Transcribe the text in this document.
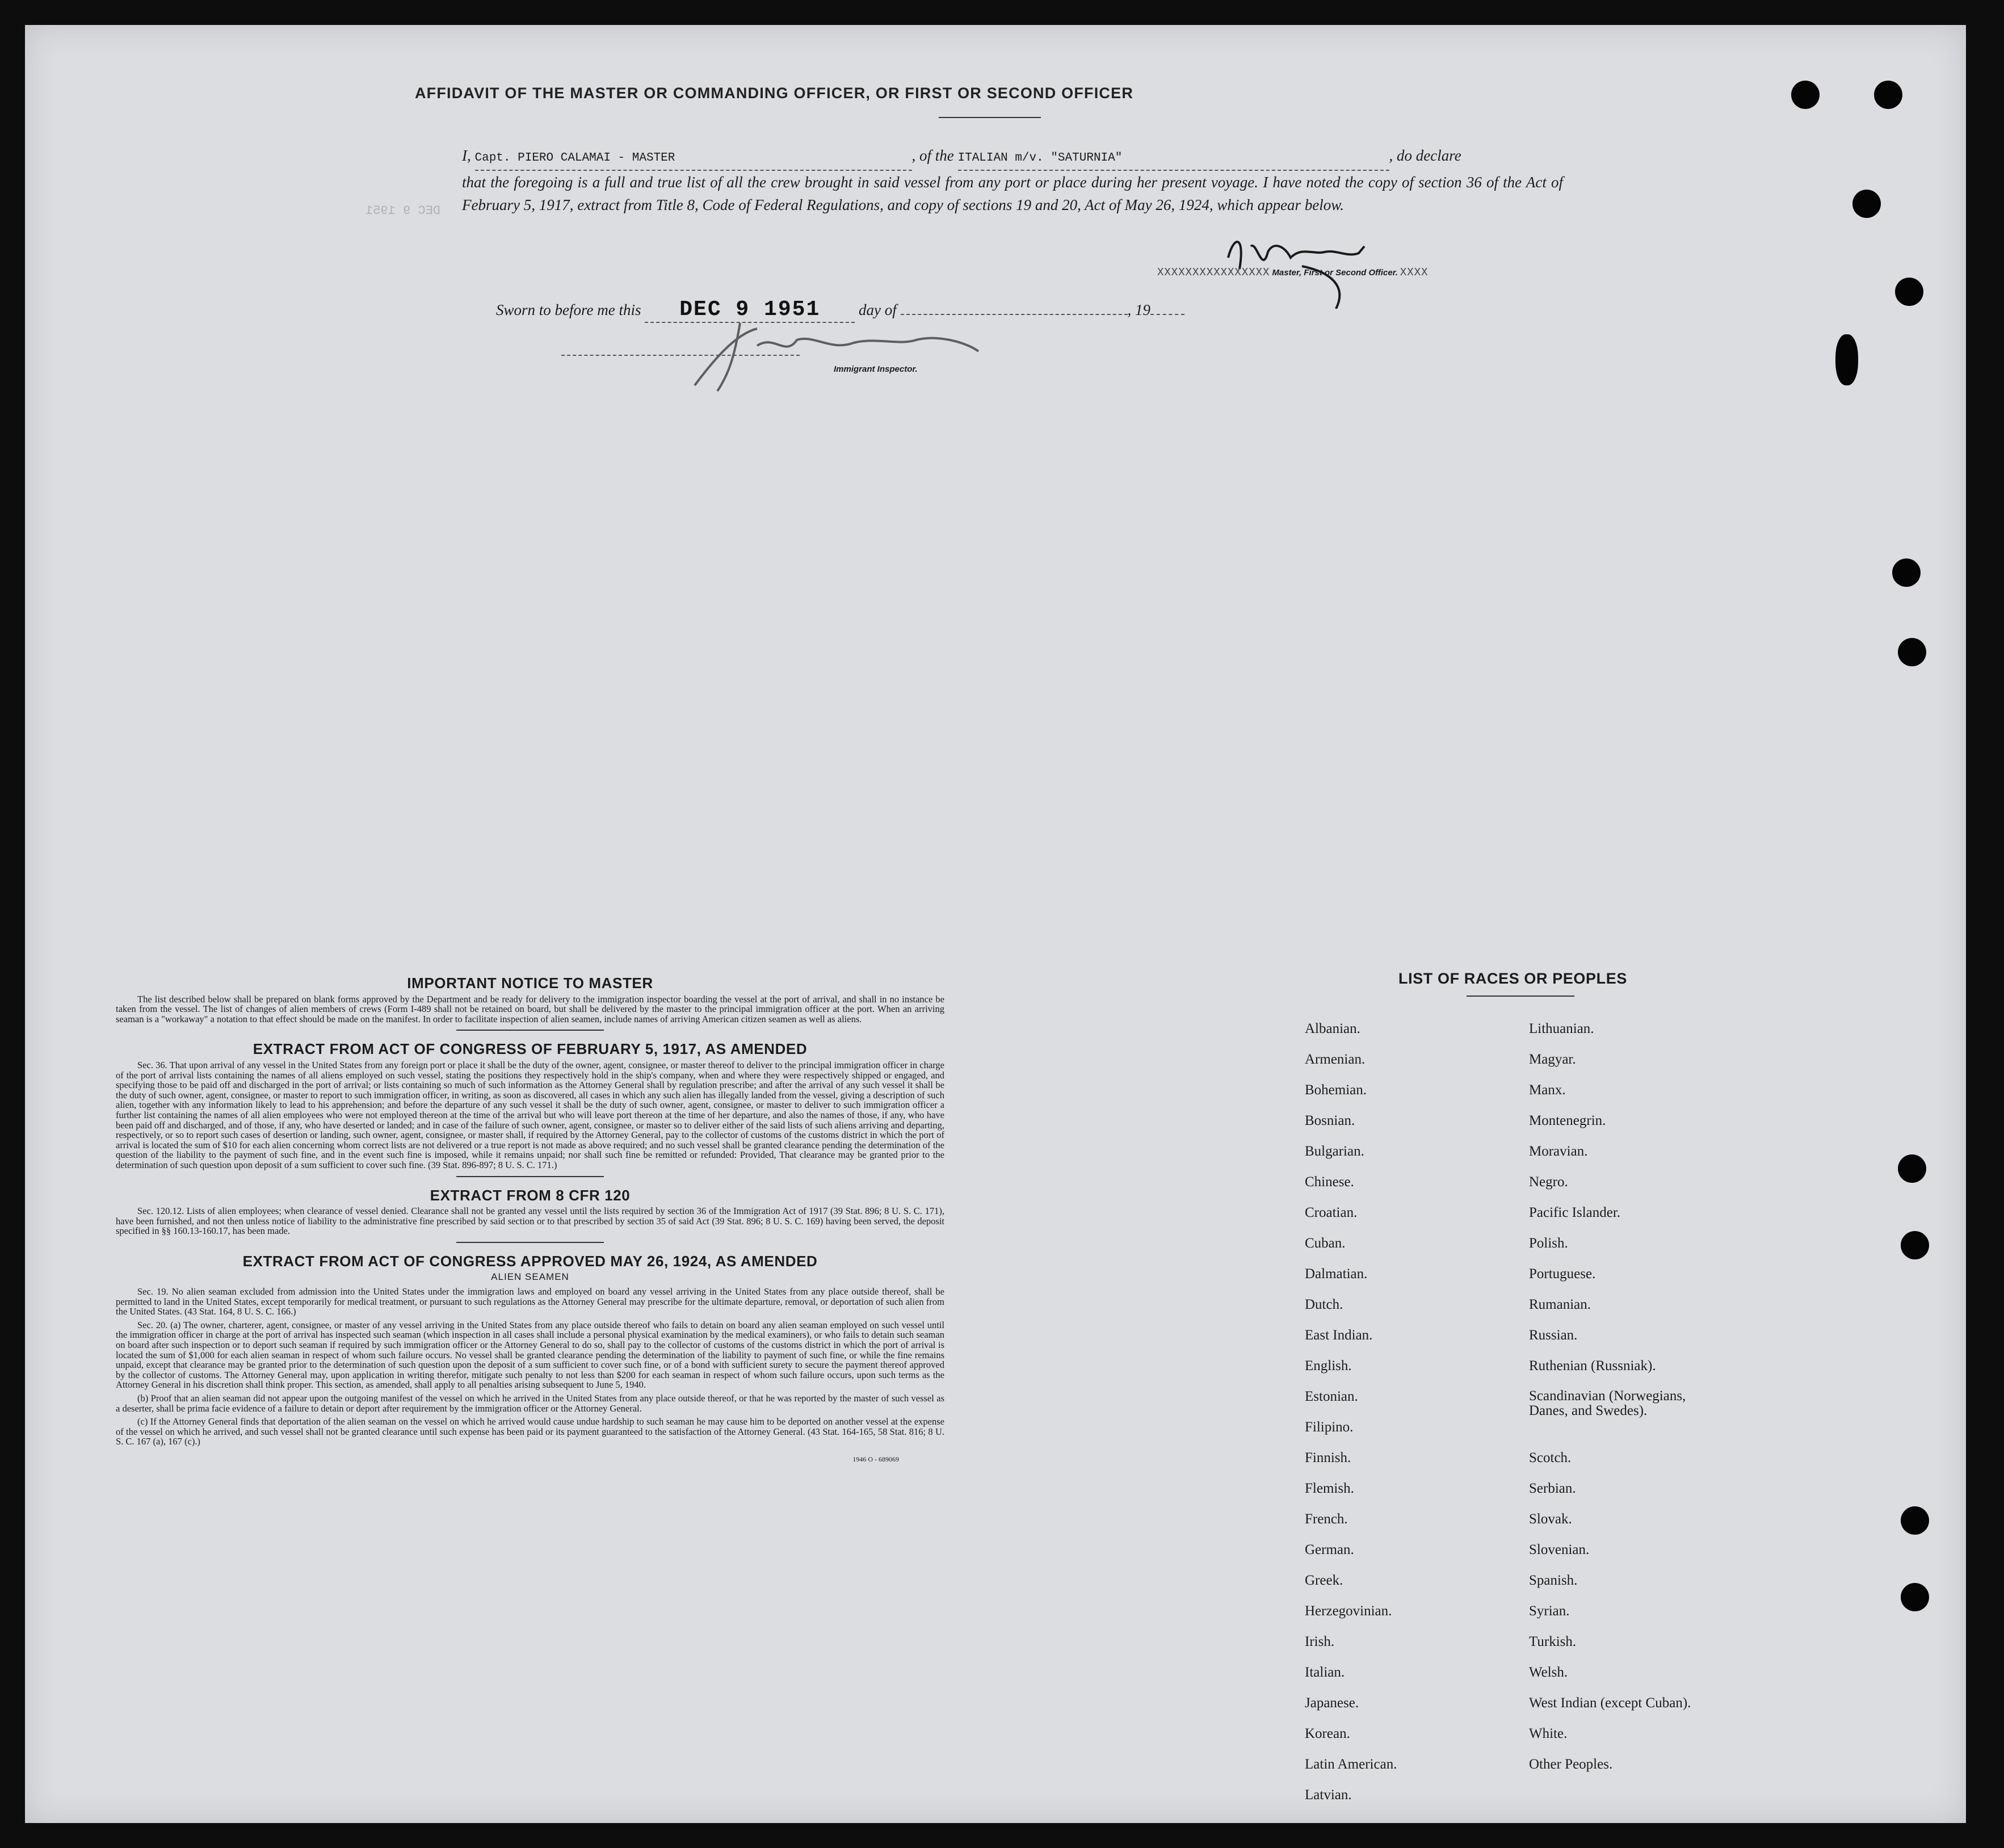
AFFIDAVIT OF THE MASTER OR COMMANDING OFFICER, OR FIRST OR SECOND OFFICER
DEC 9 1951

I, Capt. PIERO CALAMAI - MASTER	, of the ITALIAN m/v. "SATURNIA"	, do declare

that the foregoing is a full and true list of all the crew brought in said vessel from any port or place during her present voyage. I have noted the copy of section 36 of the Act of February 5, 1917, extract from Title 8, Code of Federal Regulations, and copy of sections 19 and 20, Act of May 26, 1924, which appear below.

XXXXXXXXXXXXXXXX Master, First or Second Officer. XXXX
Sworn to before me this DEC 9 1951	day of	, 19
Immigrant Inspector.
IMPORTANT NOTICE TO MASTER

The list described below shall be prepared on blank forms approved by the Department and be ready for delivery to the immigration inspector boarding the vessel at the port of arrival, and shall in no instance be taken from the vessel. The list of changes of alien members of crews (Form I-489 shall not be retained on board, but shall be delivered by the master to the principal immigration officer at the port. When an arriving seaman is a "workaway" a notation to that effect should be made on the manifest. In order to facilitate inspection of alien seamen, include names of arriving American citizen seamen as well as aliens.

EXTRACT FROM ACT OF CONGRESS OF FEBRUARY 5, 1917, AS AMENDED

Sec. 36. That upon arrival of any vessel in the United States from any foreign port or place it shall be the duty of the owner, agent, consignee, or master thereof to deliver to the principal immigration officer in charge of the port of arrival lists containing the names of all aliens employed on such vessel, stating the positions they respectively hold in the ship's company, when and where they were respectively shipped or engaged, and specifying those to be paid off and discharged in the port of arrival; or lists containing so much of such information as the Attorney General shall by regulation prescribe; and after the arrival of any such vessel it shall be the duty of such owner, agent, consignee, or master to report to such immigration officer, in writing, as soon as discovered, all cases in which any such alien has illegally landed from the vessel, giving a description of such alien, together with any information likely to lead to his apprehension; and before the departure of any such vessel it shall be the duty of such owner, agent, consignee, or master to deliver to such immigration officer a further list containing the names of all alien employees who were not employed thereon at the time of the arrival but who will leave port thereon at the time of her departure, and also the names of those, if any, who have been paid off and discharged, and of those, if any, who have deserted or landed; and in case of the failure of such owner, agent, consignee, or master so to deliver either of the said lists of such aliens arriving and departing, respectively, or so to report such cases of desertion or landing, such owner, agent, consignee, or master shall, if required by the Attorney General, pay to the collector of customs of the customs district in which the port of arrival is located the sum of $10 for each alien concerning whom correct lists are not delivered or a true report is not made as above required; and no such vessel shall be granted clearance pending the determination of the question of the liability to the payment of such fine, and in the event such fine is imposed, while it remains unpaid; nor shall such fine be remitted or refunded: Provided, That clearance may be granted prior to the determination of such question upon deposit of a sum sufficient to cover such fine. (39 Stat. 896-897; 8 U. S. C. 171.)

EXTRACT FROM 8 CFR 120

Sec. 120.12. Lists of alien employees; when clearance of vessel denied. Clearance shall not be granted any vessel until the lists required by section 36 of the Immigration Act of 1917 (39 Stat. 896; 8 U. S. C. 171), have been furnished, and not then unless notice of liability to the administrative fine prescribed by said section or to that prescribed by section 35 of said Act (39 Stat. 896; 8 U. S. C. 169) having been served, the deposit specified in §§ 160.13-160.17, has been made.

EXTRACT FROM ACT OF CONGRESS APPROVED MAY 26, 1924, AS AMENDED
ALIEN SEAMEN

Sec. 19. No alien seaman excluded from admission into the United States under the immigration laws and employed on board any vessel arriving in the United States from any place outside thereof, shall be permitted to land in the United States, except temporarily for medical treatment, or pursuant to such regulations as the Attorney General may prescribe for the ultimate departure, removal, or deportation of such alien from the United States. (43 Stat. 164, 8 U. S. C. 166.)

Sec. 20. (a) The owner, charterer, agent, consignee, or master of any vessel arriving in the United States from any place outside thereof who fails to detain on board any alien seaman employed on such vessel until the immigration officer in charge at the port of arrival has inspected such seaman (which inspection in all cases shall include a personal physical examination by the medical examiners), or who fails to detain such seaman on board after such inspection or to deport such seaman if required by such immigration officer or the Attorney General to do so, shall pay to the collector of customs of the customs district in which the port of arrival is located the sum of $1,000 for each alien seaman in respect of whom such failure occurs. No vessel shall be granted clearance pending the determination of the liability to payment of such fine, or while the fine remains unpaid, except that clearance may be granted prior to the determination of such question upon the deposit of a sum sufficient to cover such fine, or of a bond with sufficient surety to secure the payment thereof approved by the collector of customs. The Attorney General may, upon application in writing therefor, mitigate such penalty to not less than $200 for each seaman in respect of whom such failure occurs, upon such terms as the Attorney General in his discretion shall think proper. This section, as amended, shall apply to all penalties arising subsequent to June 5, 1940.

(b) Proof that an alien seaman did not appear upon the outgoing manifest of the vessel on which he arrived in the United States from any place outside thereof, or that he was reported by the master of such vessel as a deserter, shall be prima facie evidence of a failure to detain or deport after requirement by the immigration officer or the Attorney General.

(c) If the Attorney General finds that deportation of the alien seaman on the vessel on which he arrived would cause undue hardship to such seaman he may cause him to be deported on another vessel at the expense of the vessel on which he arrived, and such vessel shall not be granted clearance until such expense has been paid or its payment guaranteed to the satisfaction of the Attorney General. (43 Stat. 164-165, 58 Stat. 816; 8 U. S. C. 167 (a), 167 (c).)

1946 O - 689069
LIST OF RACES OR PEOPLES
Albanian.
Armenian.
Bohemian.
Bosnian.
Bulgarian.
Chinese.
Croatian.
Cuban.
Dalmatian.
Dutch.
East Indian.
English.
Estonian.
Filipino.
Finnish.
Flemish.
French.
German.
Greek.
Herzegovinian.
Irish.
Italian.
Japanese.
Korean.
Latin American.
Latvian.
Lithuanian.
Magyar.
Manx.
Montenegrin.
Moravian.
Negro.
Pacific Islander.
Polish.
Portuguese.
Rumanian.
Russian.
Ruthenian (Russniak).
Scandinavian (Norwegians, Danes, and Swedes).
Scotch.
Serbian.
Slovak.
Slovenian.
Spanish.
Syrian.
Turkish.
Welsh.
West Indian (except Cuban).
White.
Other Peoples.
